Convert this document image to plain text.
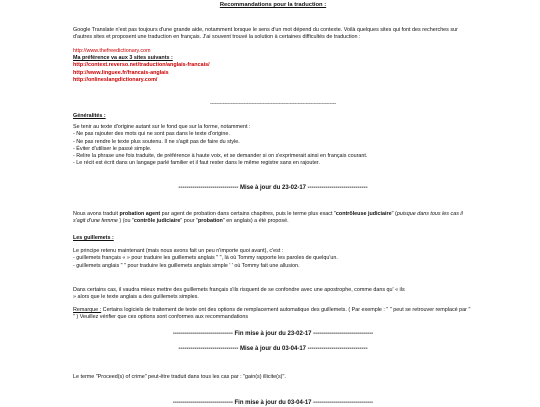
Recommandations pour la traduction :
Google Translate n'est pas toujours d'une grande aide, notamment lorsque le sens d'un mot dépend du contexte. Voilà quelques sites qui font des recherches sur d'autres sites et proposent une traduction en français. J'ai souvent trouvé la solution à certaines difficultés de traduction :
http://www.thefreedictionary.com
Ma préférence va aux 3 sites suivants :
http://context.reverso.net/traduction/anglais-francais/
http://www.linguee.fr/francais-anglais
http://onlineslangdictionary.com/
-------------------------------------------------------------------------------
Généralités :
Se tenir au texte d'origine autant sur le fond que sur la forme, notamment :
- Ne pas rajouter des mots qui ne sont pas dans le texte d'origine.
- Ne pas rendre le texte plus soutenu. Il ne s'agit pas de faire du style.
- Éviter d'utiliser le passé simple.
- Relire la phrase une fois traduite, de préférence à haute voix, et se demander si on s'exprimerait ainsi en français courant.
- Le récit est écrit dans un langage parlé familier et il faut rester dans le même registre sans en rajouter.
------------------------------ Mise à jour du 23-02-17 ------------------------------
Nous avons traduit probation agent par agent de probation dans certains chapitres, puis le terme plus exact "contrôleuse judiciaire" (puisque dans tous les cas il s'agit d'une femme ) (ou "contrôle judiciaire" pour "probation" en anglais) a été proposé.
Les guillemets :
Le principe retenu maintenant (mais nous avons fait un peu n'importe quoi avant), c'est :
- guillemets français « » pour traduire les guillemets anglais " ", là où Tommy rapporte les paroles de quelqu'un.
- guillemets anglais " " pour traduire les guillemets anglais simple ' ' où Tommy fait une allusion.
Dans certains cas, il vaudra mieux mettre des guillemets français s'ils risquent de se confondre avec une apostrophe, comme dans qu' « ils
» alors que le texte anglais a des guillemets simples.
Remarque : Certains logiciels de traitement de texte ont des options de remplacement automatique des guillemets. ( Par exemple : " " peut se retrouver remplacé par " " ) Veuillez vérifier que ces options sont conformes aux recommandations
------------------------------ Fin mise à jour du 23-02-17 ------------------------------
------------------------------ Mise à jour du 03-04-17 ------------------------------
Le terme "Proceed(s) of crime" peut-être traduit dans tous les cas par : "gain(s) illicite(s)".
------------------------------ Fin mise à jour du 03-04-17 ------------------------------
